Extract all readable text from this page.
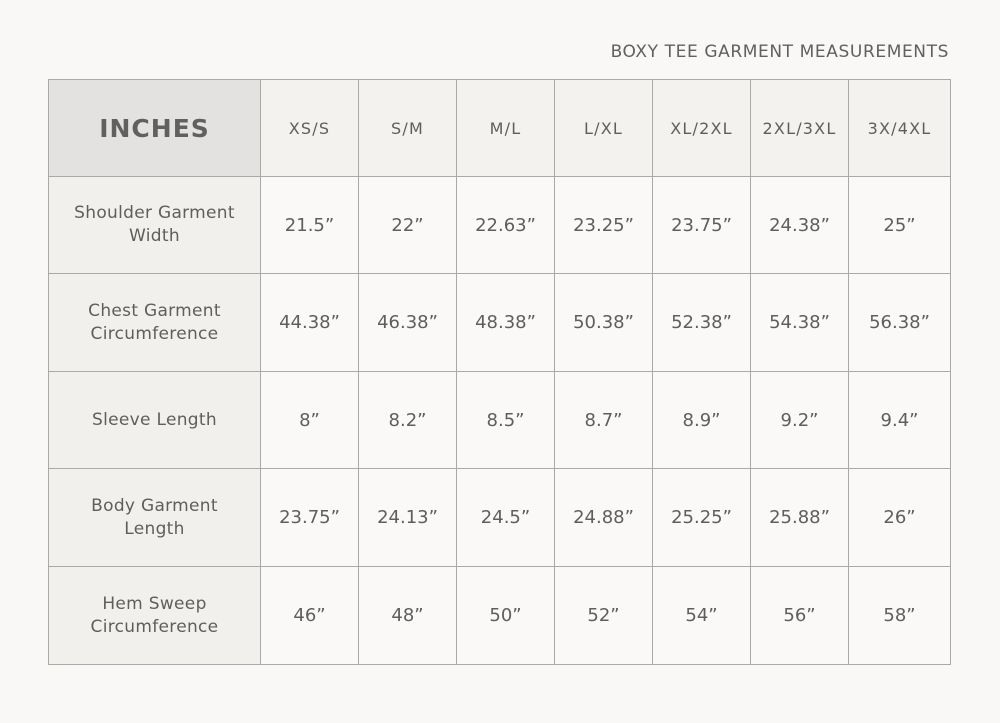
BOXY TEE GARMENT MEASUREMENTS
INCHES	XS/S	S/M	M/L	L/XL	XL/2XL	2XL/3XL	3X/4XL
Shoulder Garment
Width	21.5”	22”	22.63”	23.25”	23.75”	24.38”	25”
Chest Garment
Circumference	44.38”	46.38”	48.38”	50.38”	52.38”	54.38”	56.38”
Sleeve Length	8”	8.2”	8.5”	8.7”	8.9”	9.2”	9.4”
Body Garment
Length	23.75”	24.13”	24.5”	24.88”	25.25”	25.88”	26”
Hem Sweep
Circumference	46”	48”	50”	52”	54”	56”	58”
